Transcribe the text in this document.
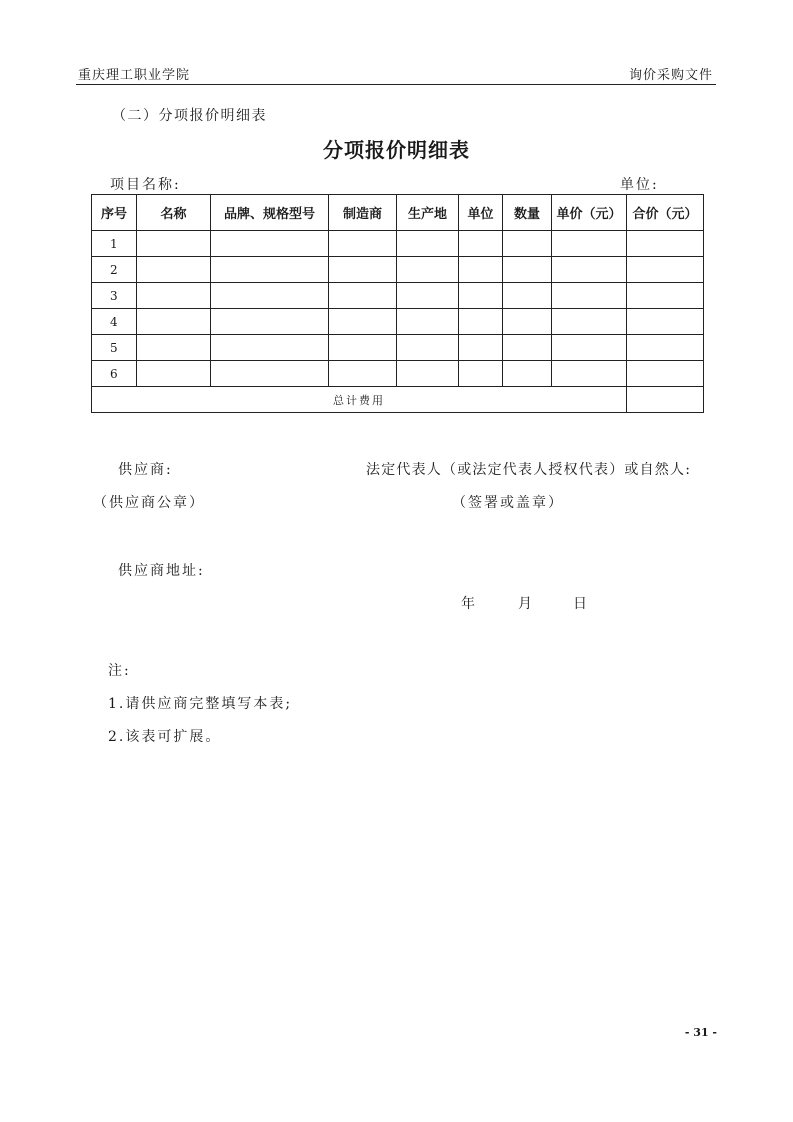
重庆理工职业学院	询价采购文件
（二）分项报价明细表
分项报价明细表
项目名称:	单位:
序号	名称	品牌、规格型号	制造商	生产地	单位	数量	单价（元）	合价（元）
1								
2								
3								
4								
5								
6								
总计费用								
供应商:	法定代表人（或法定代表人授权代表）或自然人:
（供应商公章）	（签署或盖章）
供应商地址:
年	月	日
注:
1.请供应商完整填写本表;
2.该表可扩展。
- 31 -
